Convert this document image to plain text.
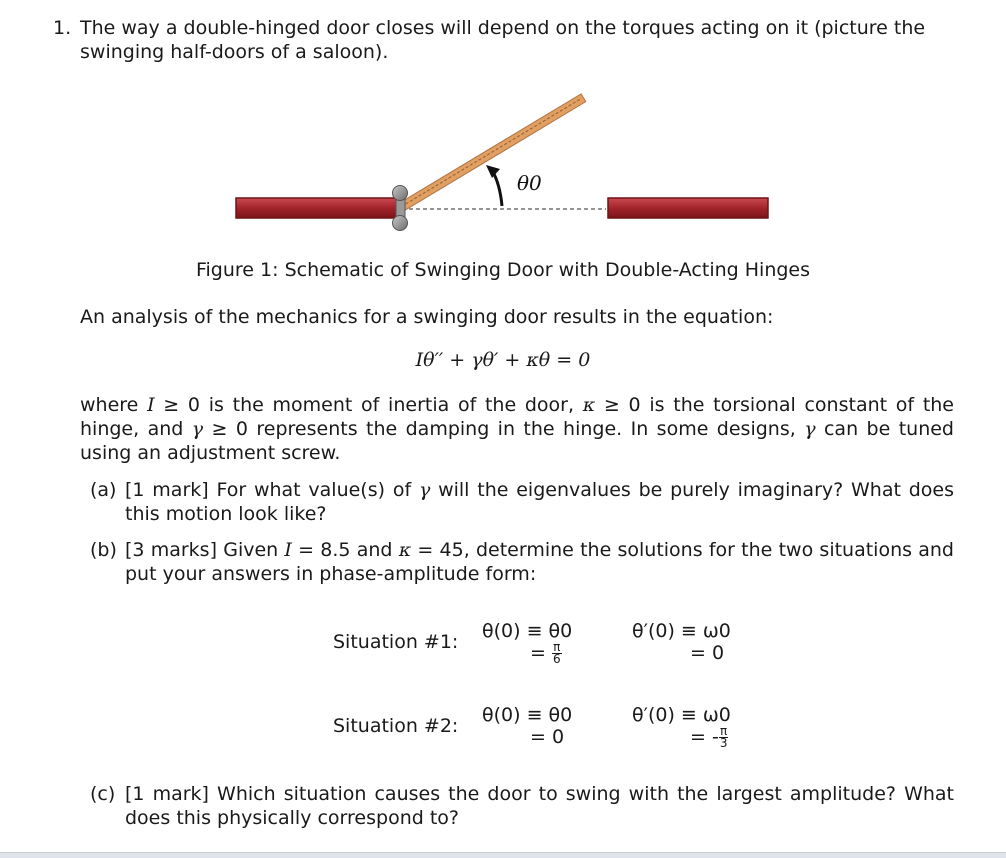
1. The way a double-hinged door closes will depend on the torques acting on it (picture the swinging half-doors of a saloon).
θ0
Figure 1: Schematic of Swinging Door with Double-Acting Hinges
An analysis of the mechanics for a swinging door results in the equation:
Iθ′′ + γθ′ + κθ = 0
where I ≥ 0 is the moment of inertia of the door, κ ≥ 0 is the torsional constant of the hinge, and γ ≥ 0 represents the damping in the hinge. In some designs, γ can be tuned using an adjustment screw.
(a) [1 mark] For what value(s) of γ will the eigenvalues be purely imaginary? What does this motion look like?
(b) [3 marks] Given I = 8.5 and κ = 45, determine the solutions for the two situations and put your answers in phase-amplitude form:
Situation #1: θ(0) ≡ θ0
= $\frac{\pi}{6}$
θ′(0) ≡ ω0
= 0
Situation #2: θ(0) ≡ θ0
= 0
θ′(0) ≡ ω0
= - $\frac{\pi}{3}$
(c) [1 mark] Which situation causes the door to swing with the largest amplitude? What does this physically correspond to?
